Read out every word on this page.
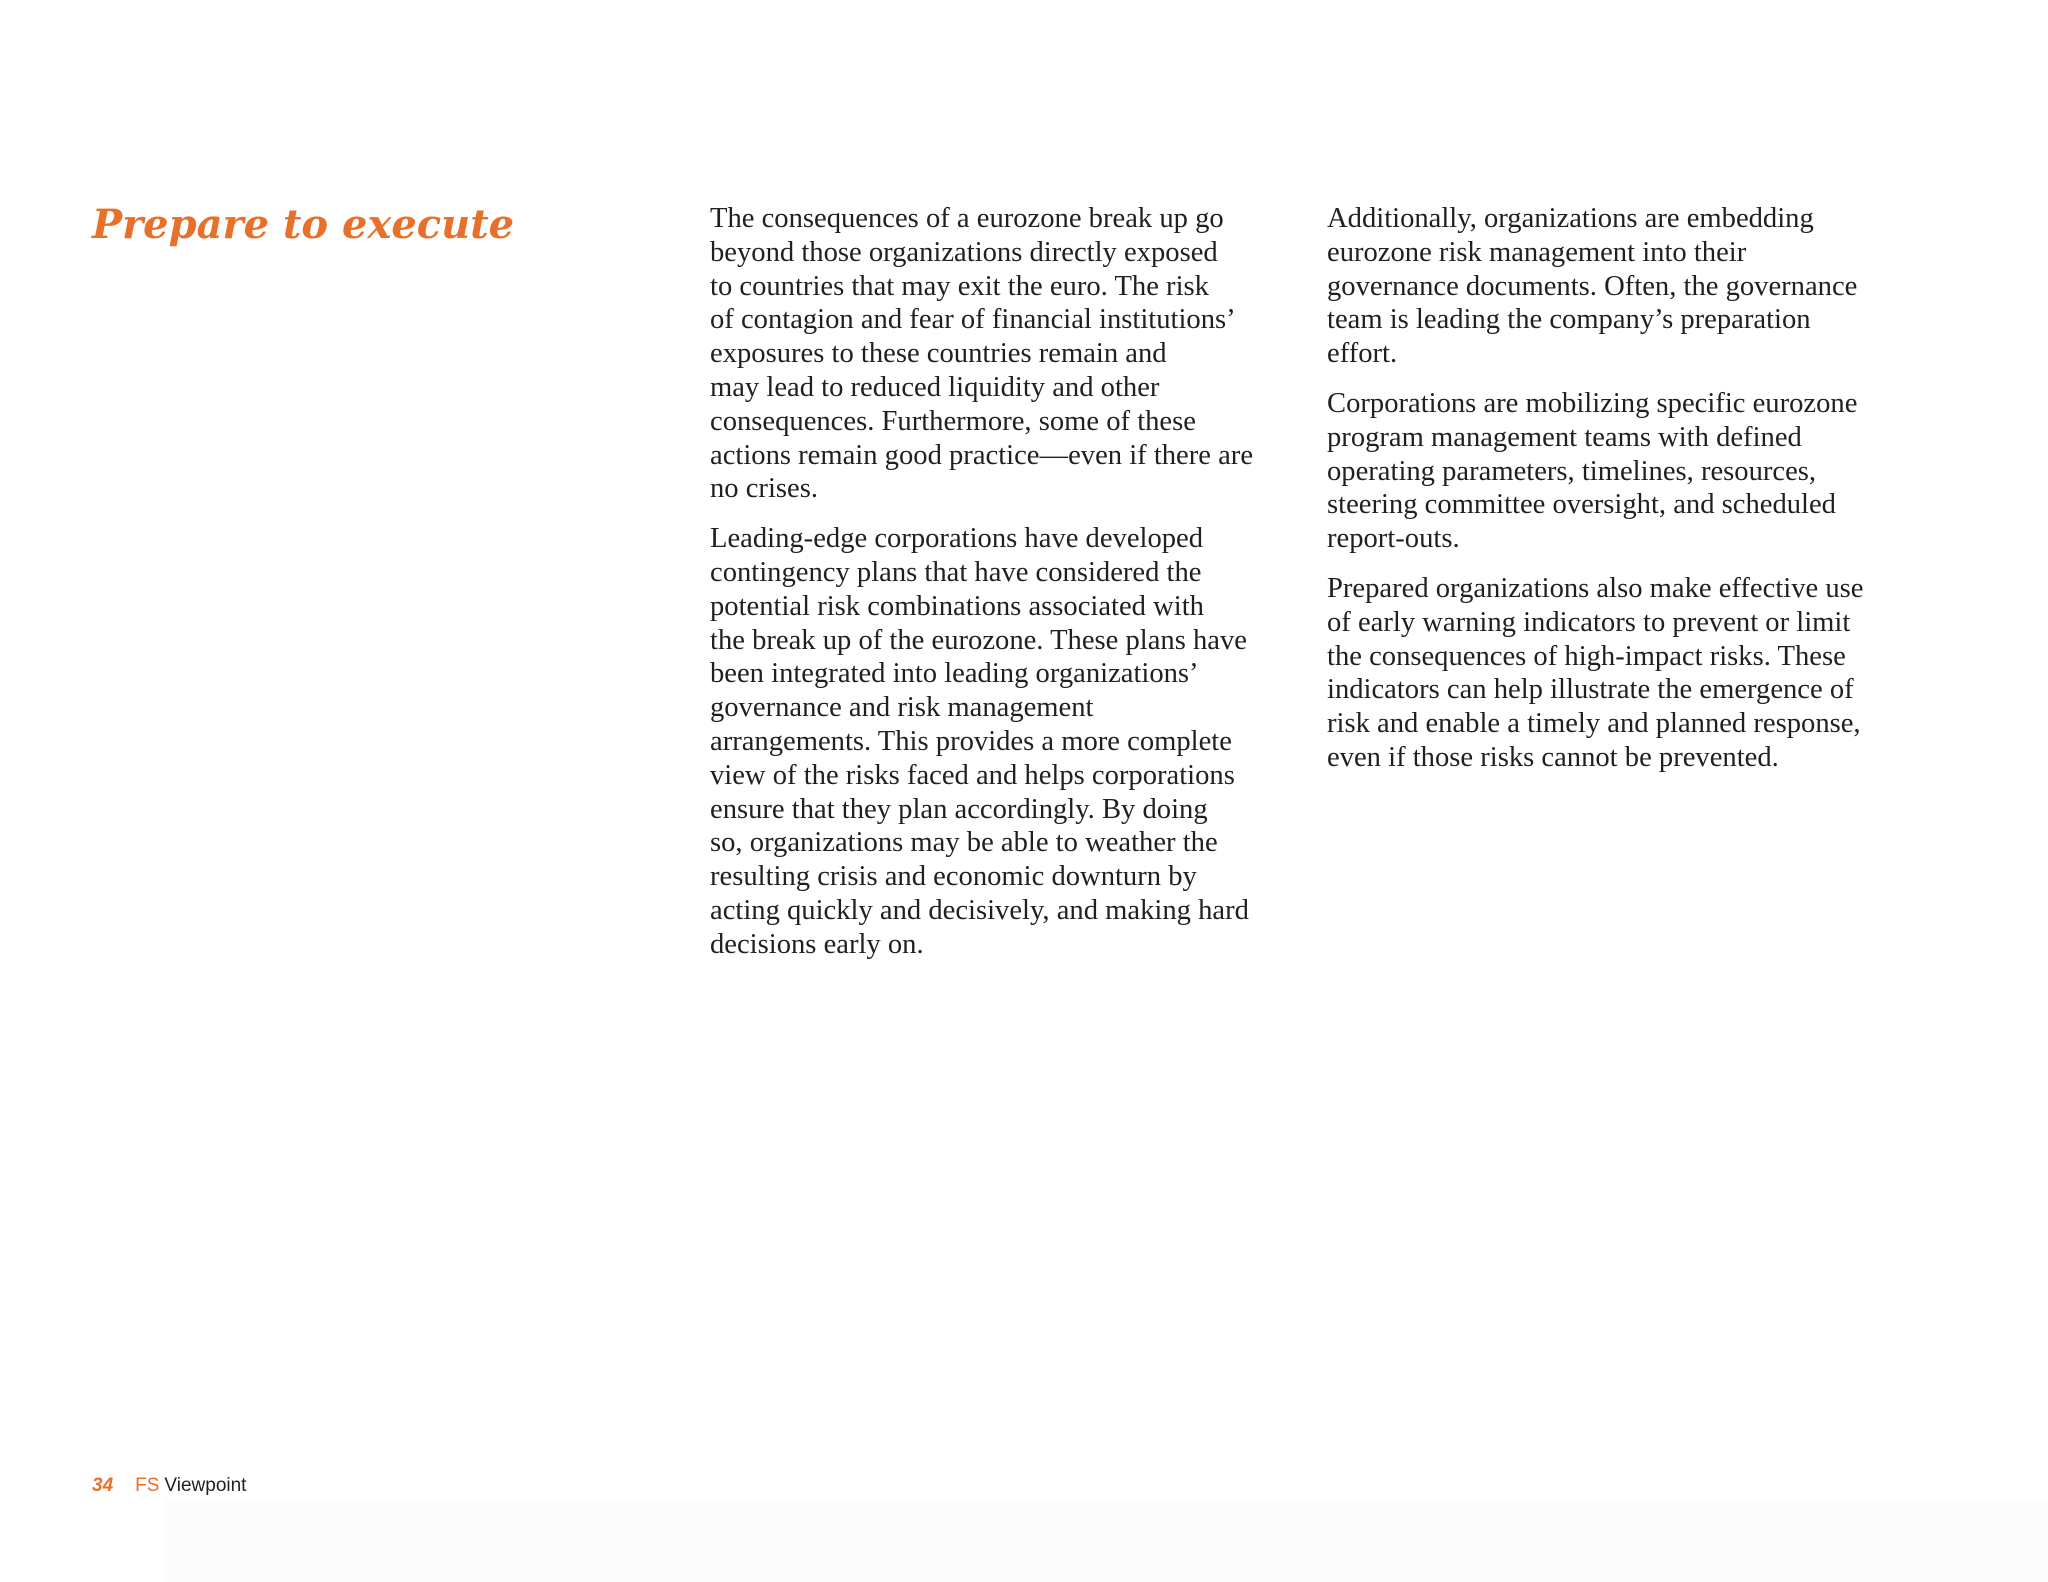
Prepare to execute	The consequences of a eurozone break up go
beyond those organizations directly exposed
to countries that may exit the euro. The risk
of contagion and fear of financial institutions’
exposures to these countries remain and
may lead to reduced liquidity and other
consequences. Furthermore, some of these
actions remain good practice—even if there are
no crises.

Leading-edge corporations have developed
contingency plans that have considered the
potential risk combinations associated with
the break up of the eurozone. These plans have
been integrated into leading organizations’
governance and risk management
arrangements. This provides a more complete
view of the risks faced and helps corporations
ensure that they plan accordingly. By doing
so, organizations may be able to weather the
resulting crisis and economic downturn by
acting quickly and decisively, and making hard
decisions early on.

Additionally, organizations are embedding
eurozone risk management into their
governance documents. Often, the governance
team is leading the company’s preparation
effort.

Corporations are mobilizing specific eurozone
program management teams with defined
operating parameters, timelines, resources,
steering committee oversight, and scheduled
report-outs.

Prepared organizations also make effective use
of early warning indicators to prevent or limit
the consequences of high-impact risks. These
indicators can help illustrate the emergence of
risk and enable a timely and planned response,
even if those risks cannot be prevented.

34 FS Viewpoint
